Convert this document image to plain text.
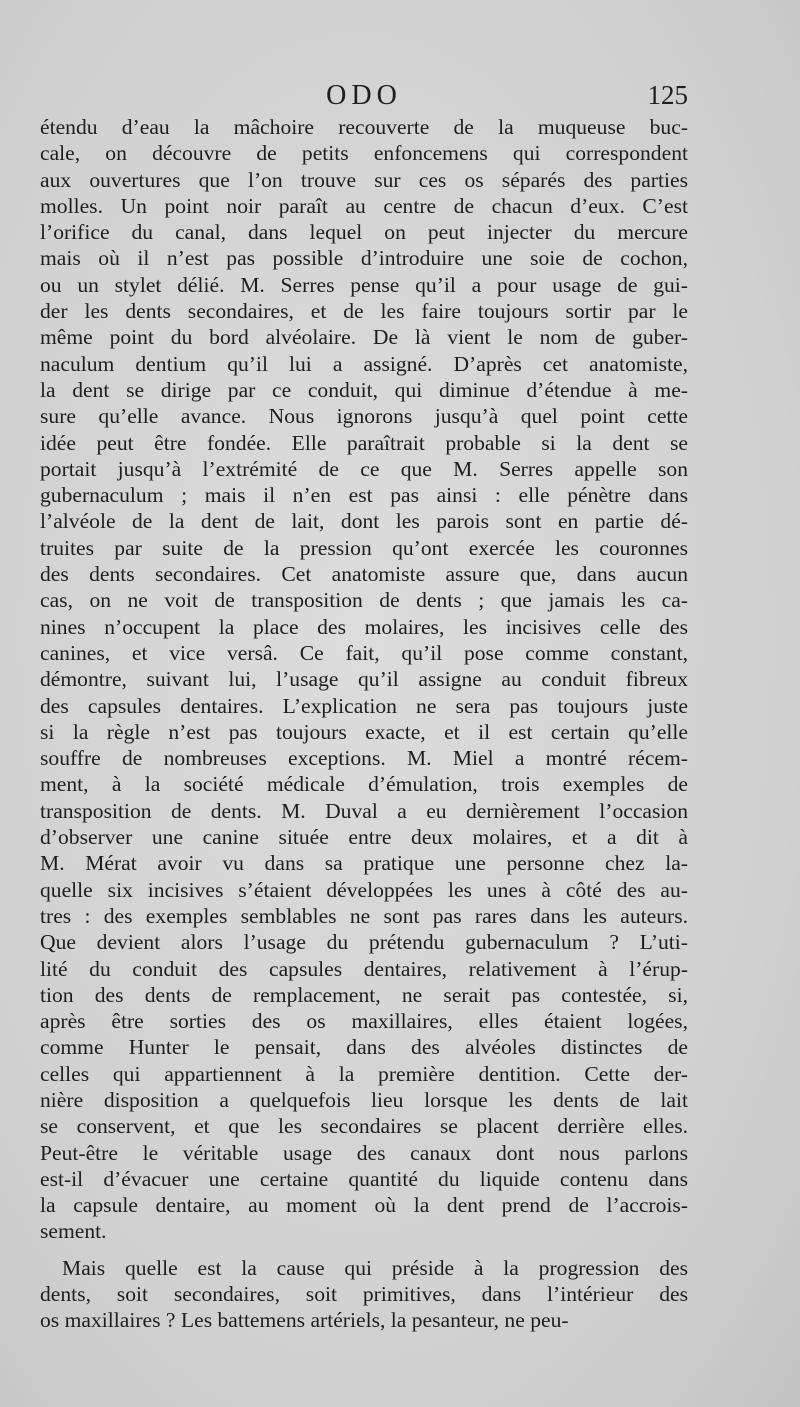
ODO	125
étendu d’eau la mâchoire recouverte de la muqueuse buc-
cale, on découvre de petits enfoncemens qui correspondent
aux ouvertures que l’on trouve sur ces os séparés des parties
molles. Un point noir paraît au centre de chacun d’eux. C’est
l’orifice du canal, dans lequel on peut injecter du mercure
mais où il n’est pas possible d’introduire une soie de cochon,
ou un stylet délié. M. Serres pense qu’il a pour usage de gui-
der les dents secondaires, et de les faire toujours sortir par le
même point du bord alvéolaire. De là vient le nom de guber-
naculum dentium qu’il lui a assigné. D’après cet anatomiste,
la dent se dirige par ce conduit, qui diminue d’étendue à me-
sure qu’elle avance. Nous ignorons jusqu’à quel point cette
idée peut être fondée. Elle paraîtrait probable si la dent se
portait jusqu’à l’extrémité de ce que M. Serres appelle son
gubernaculum ; mais il n’en est pas ainsi : elle pénètre dans
l’alvéole de la dent de lait, dont les parois sont en partie dé-
truites par suite de la pression qu’ont exercée les couronnes
des dents secondaires. Cet anatomiste assure que, dans aucun
cas, on ne voit de transposition de dents ; que jamais les ca-
nines n’occupent la place des molaires, les incisives celle des
canines, et vice versâ. Ce fait, qu’il pose comme constant,
démontre, suivant lui, l’usage qu’il assigne au conduit fibreux
des capsules dentaires. L’explication ne sera pas toujours juste
si la règle n’est pas toujours exacte, et il est certain qu’elle
souffre de nombreuses exceptions. M. Miel a montré récem-
ment, à la société médicale d’émulation, trois exemples de
transposition de dents. M. Duval a eu dernièrement l’occasion
d’observer une canine située entre deux molaires, et a dit à
M. Mérat avoir vu dans sa pratique une personne chez la-
quelle six incisives s’étaient développées les unes à côté des au-
tres : des exemples semblables ne sont pas rares dans les auteurs.
Que devient alors l’usage du prétendu gubernaculum ? L’uti-
lité du conduit des capsules dentaires, relativement à l’érup-
tion des dents de remplacement, ne serait pas contestée, si,
après être sorties des os maxillaires, elles étaient logées,
comme Hunter le pensait, dans des alvéoles distinctes de
celles qui appartiennent à la première dentition. Cette der-
nière disposition a quelquefois lieu lorsque les dents de lait
se conservent, et que les secondaires se placent derrière elles.
Peut-être le véritable usage des canaux dont nous parlons
est-il d’évacuer une certaine quantité du liquide contenu dans
la capsule dentaire, au moment où la dent prend de l’accrois-
sement.
Mais quelle est la cause qui préside à la progression des
dents, soit secondaires, soit primitives, dans l’intérieur des
os maxillaires ? Les battemens artériels, la pesanteur, ne peu-
